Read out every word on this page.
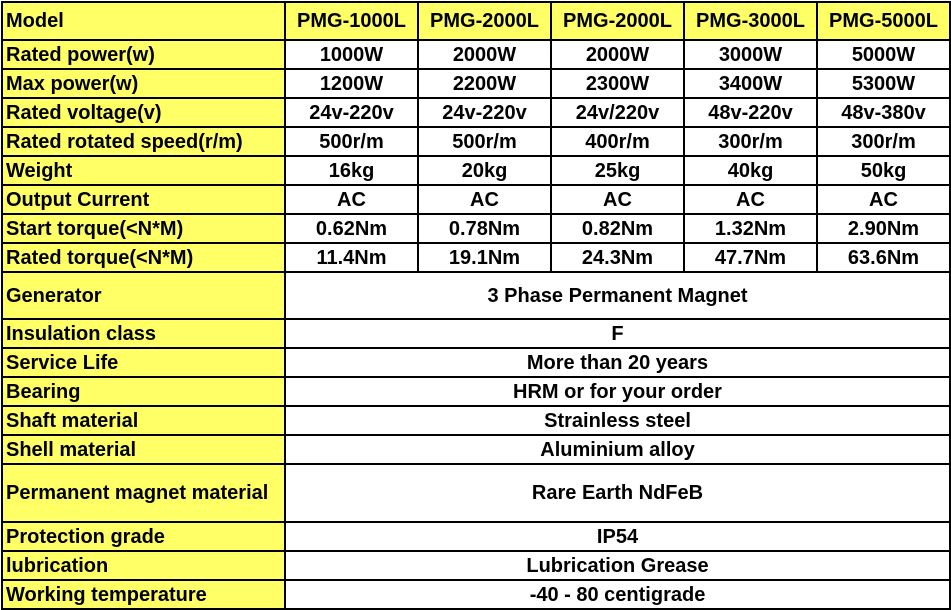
Model	PMG-1000L	PMG-2000L	PMG-2000L	PMG-3000L	PMG-5000L
Rated power(w)	1000W	2000W	2000W	3000W	5000W
Max power(w)	1200W	2200W	2300W	3400W	5300W
Rated voltage(v)	24v-220v	24v-220v	24v/220v	48v-220v	48v-380v
Rated rotated speed(r/m)	500r/m	500r/m	400r/m	300r/m	300r/m
Weight	16kg	20kg	25kg	40kg	50kg
Output Current	AC	AC	AC	AC	AC
Start torque(<N*M)	0.62Nm	0.78Nm	0.82Nm	1.32Nm	2.90Nm
Rated torque(<N*M)	11.4Nm	19.1Nm	24.3Nm	47.7Nm	63.6Nm
Generator	3 Phase Permanent Magnet				
Insulation class	F				
Service Life	More than 20 years				
Bearing	HRM or for your order				
Shaft material	Strainless steel				
Shell material	Aluminium alloy				
Permanent magnet material	Rare Earth NdFeB				
Protection grade	IP54				
lubrication	Lubrication Grease				
Working temperature	-40 - 80 centigrade				
